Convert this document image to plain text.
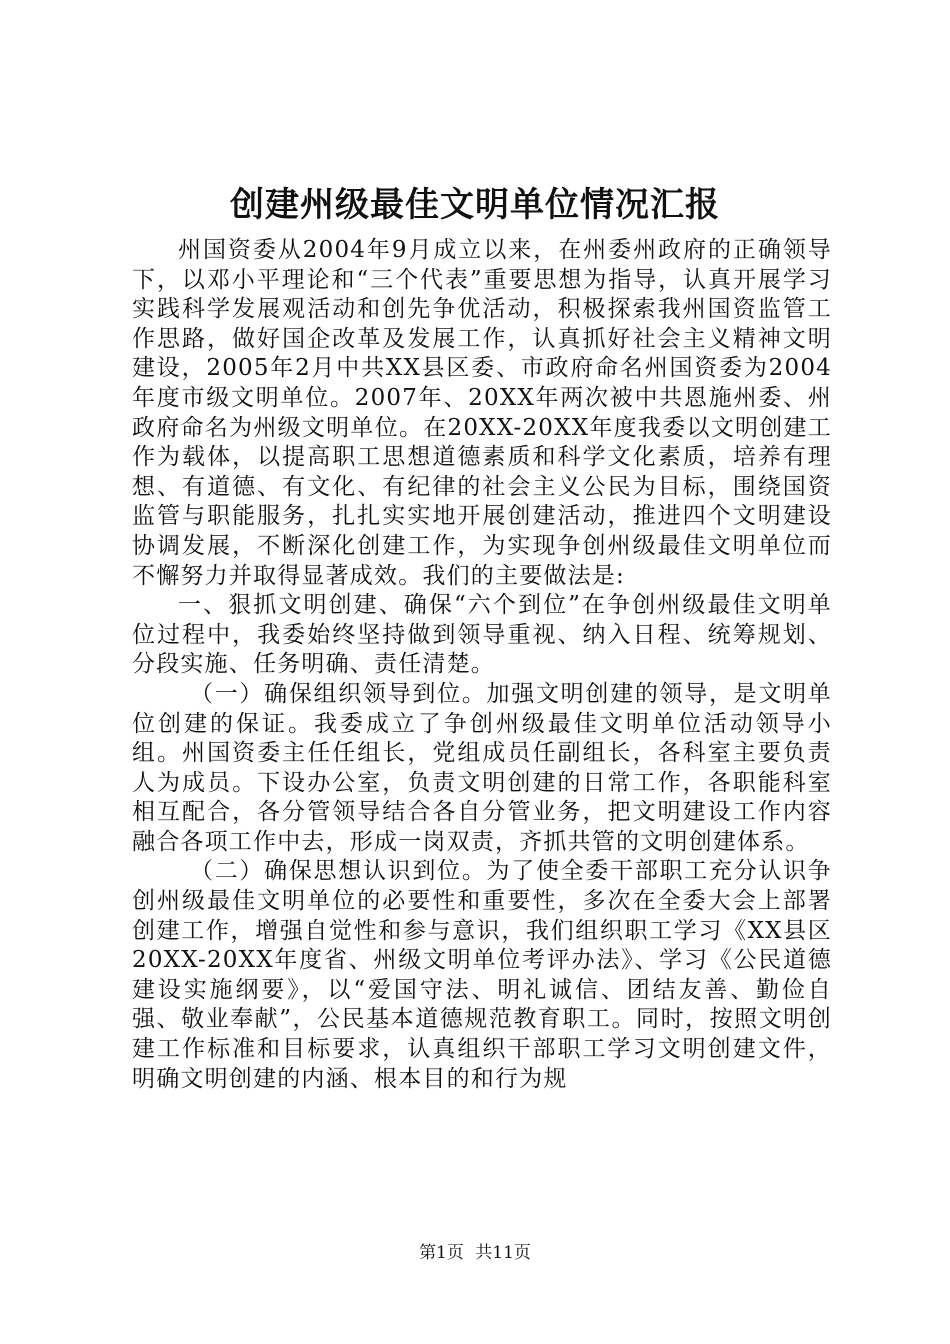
创建州级最佳文明单位情况汇报

州国资委从2004年9月成立以来，在州委州政府的正确领导下，以邓小平理论和“三个代表”重要思想为指导，认真开展学习实践科学发展观活动和创先争优活动，积极探索我州国资监管工作思路，做好国企改革及发展工作，认真抓好社会主义精神文明建设，2005年2月中共XX县区委、市政府命名州国资委为2004年度市级文明单位。2007年、20XX年两次被中共恩施州委、州政府命名为州级文明单位。在20XX-20XX年度我委以文明创建工作为载体，以提高职工思想道德素质和科学文化素质，培养有理想、有道德、有文化、有纪律的社会主义公民为目标，围绕国资监管与职能服务，扎扎实实地开展创建活动，推进四个文明建设协调发展，不断深化创建工作，为实现争创州级最佳文明单位而不懈努力并取得显著成效。我们的主要做法是:

一、狠抓文明创建、确保“六个到位”在争创州级最佳文明单位过程中，我委始终坚持做到领导重视、纳入日程、统筹规划、分段实施、任务明确、责任清楚。

（一）确保组织领导到位。加强文明创建的领导，是文明单位创建的保证。我委成立了争创州级最佳文明单位活动领导小组。州国资委主任任组长，党组成员任副组长，各科室主要负责人为成员。下设办公室，负责文明创建的日常工作，各职能科室相互配合，各分管领导结合各自分管业务，把文明建设工作内容融合各项工作中去，形成一岗双责，齐抓共管的文明创建体系。

（二）确保思想认识到位。为了使全委干部职工充分认识争创州级最佳文明单位的必要性和重要性，多次在全委大会上部署创建工作，增强自觉性和参与意识，我们组织职工学习《XX县区20XX-20XX年度省、州级文明单位考评办法》、学习《公民道德建设实施纲要》，以“爱国守法、明礼诚信、团结友善、勤俭自强、敬业奉献”，公民基本道德规范教育职工。同时，按照文明创建工作标准和目标要求，认真组织干部职工学习文明创建文件，明确文明创建的内涵、根本目的和行为规

第1页 共11页
